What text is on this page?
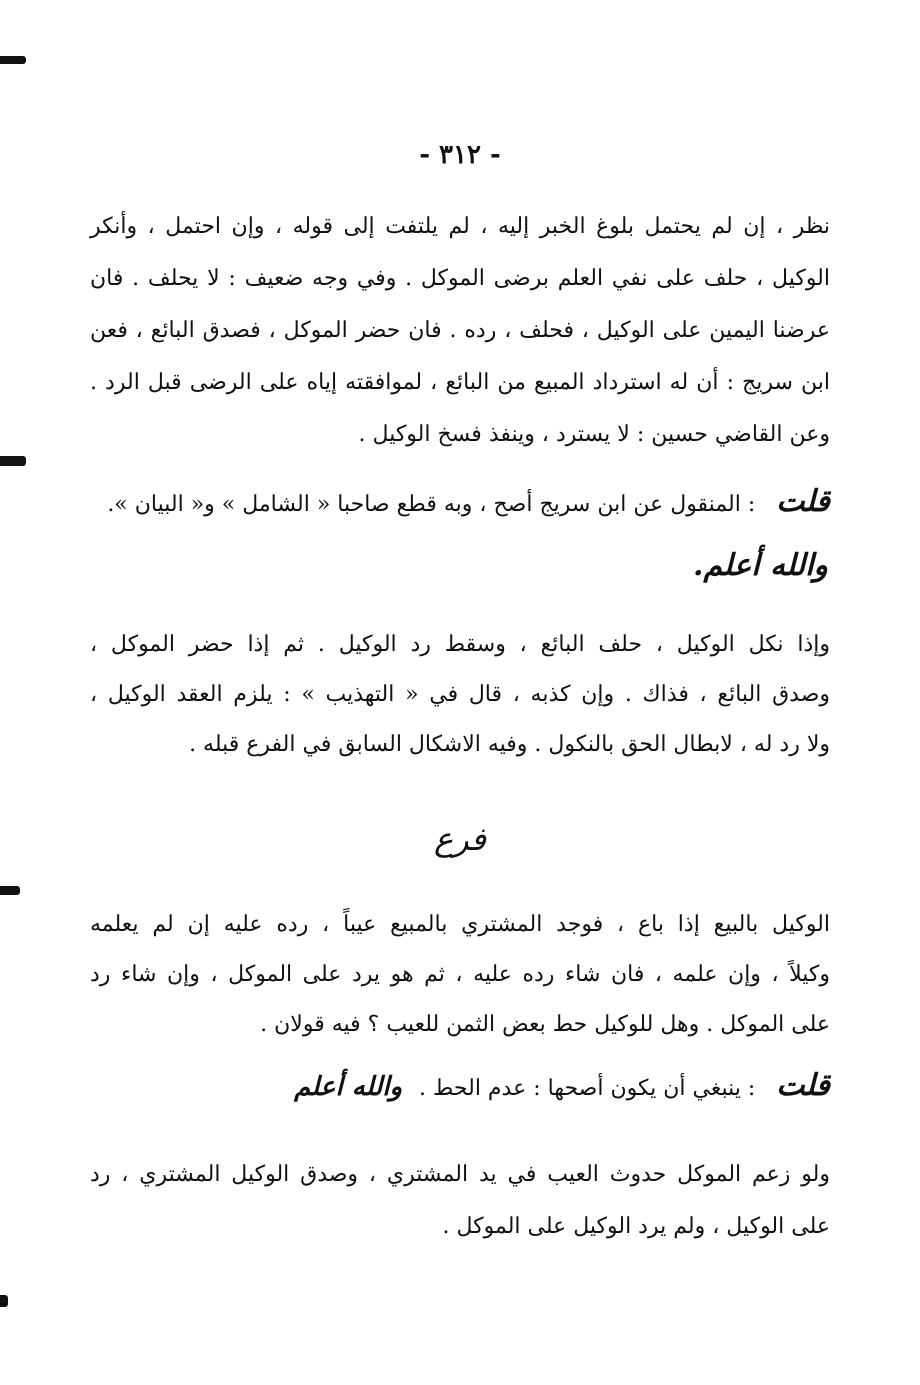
- ٣١٢ -
نظر ، إن لم يحتمل بلوغ الخبر إليه ، لم يلتفت إلى قوله ، وإن احتمل ، وأنكر
الوكيل ، حلف على نفي العلم برضى الموكل . وفي وجه ضعيف : لا يحلف . فان
عرضنا اليمين على الوكيل ، فحلف ، رده . فان حضر الموكل ، فصدق البائع ، فعن
ابن سريج : أن له استرداد المبيع من البائع ، لموافقته إياه على الرضى قبل الرد .
وعن القاضي حسين : لا يسترد ، وينفذ فسخ الوكيل .
قلت : المنقول عن ابن سريج أصح ، وبه قطع صاحبا « الشامل » و« البيان ».
والله أعلم.
وإذا نكل الوكيل ، حلف البائع ، وسقط رد الوكيل . ثم إذا حضر الموكل ،
وصدق البائع ، فذاك . وإن كذبه ، قال في « التهذيب » : يلزم العقد الوكيل ،
ولا رد له ، لابطال الحق بالنكول . وفيه الاشكال السابق في الفرع قبله .
فرع
الوكيل بالبيع إذا باع ، فوجد المشتري بالمبيع عيباً ، رده عليه إن لم يعلمه
وكيلاً ، وإن علمه ، فان شاء رده عليه ، ثم هو يرد على الموكل ، وإن شاء رد
على الموكل . وهل للوكيل حط بعض الثمن للعيب ؟ فيه قولان .
قلت : ينبغي أن يكون أصحها : عدم الحط . والله أعلم
ولو زعم الموكل حدوث العيب في يد المشتري ، وصدق الوكيل المشتري ، رد
على الوكيل ، ولم يرد الوكيل على الموكل .
